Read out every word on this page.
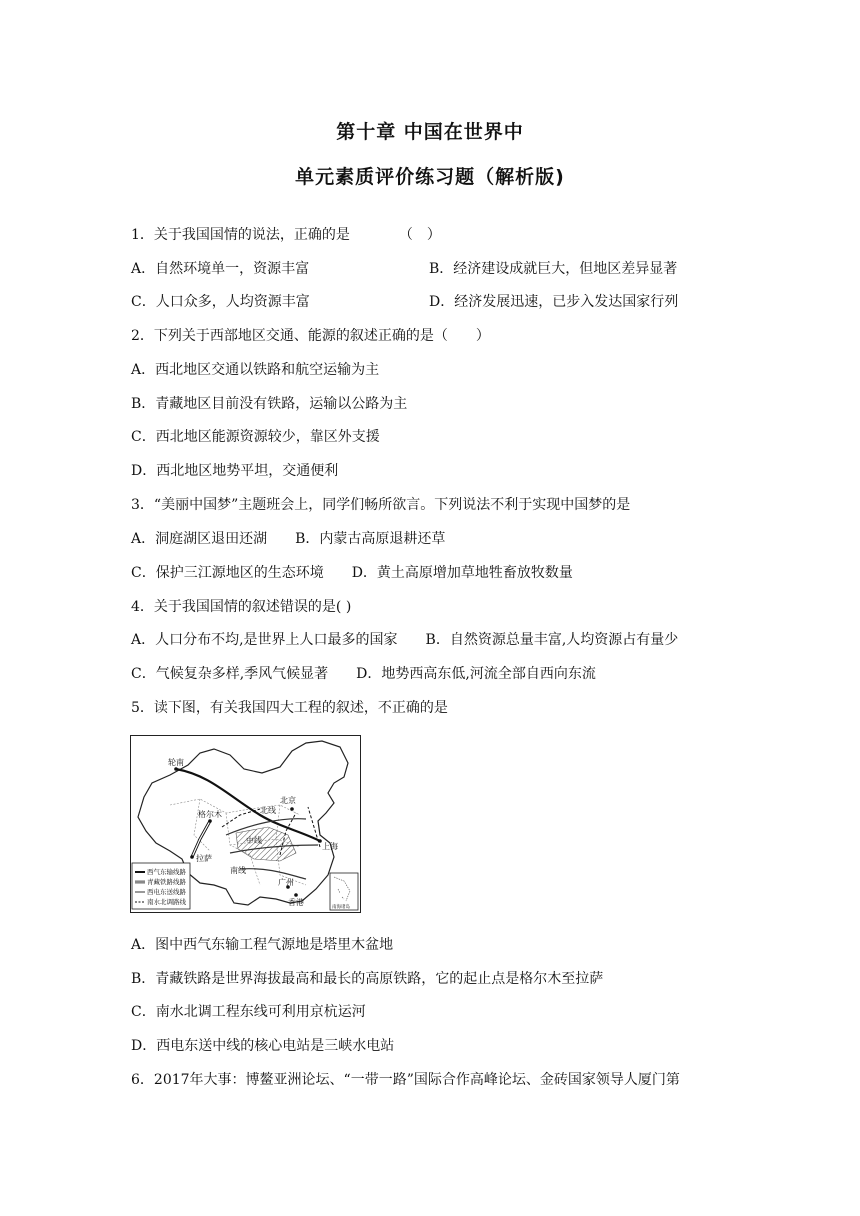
第十章 中国在世界中
单元素质评价练习题（解析版)
1．关于我国国情的说法，正确的是　　　　（　）
A．自然环境单一，资源丰富	B．经济建设成就巨大，但地区差异显著
C．人口众多，人均资源丰富	D．经济发展迅速，已步入发达国家行列
2．下列关于西部地区交通、能源的叙述正确的是（　　）
A．西北地区交通以铁路和航空运输为主
B．青藏地区目前没有铁路，运输以公路为主
C．西北地区能源资源较少，靠区外支援
D．西北地区地势平坦，交通便利
3．“美丽中国梦”主题班会上，同学们畅所欲言。下列说法不利于实现中国梦的是
A．洞庭湖区退田还湖　　B．内蒙古高原退耕还草
C．保护三江源地区的生态环境　　D．黄土高原增加草地牲畜放牧数量
4．关于我国国情的叙述错误的是( )
A．人口分布不均,是世界上人口最多的国家　　B．自然资源总量丰富,人均资源占有量少
C．气候复杂多样,季风气候显著　　D．地势西高东低,河流全部自西向东流
5．读下图，有关我国四大工程的叙述，不正确的是
轮南
格尔木
拉萨
北京
上海
广州
香港
中线
南线
北线
西气东输线路
青藏铁路线路
西电东送线路
南水北调路线
南海诸岛
A．图中西气东输工程气源地是塔里木盆地
B．青藏铁路是世界海拔最高和最长的高原铁路，它的起止点是格尔木至拉萨
C．南水北调工程东线可利用京杭运河
D．西电东送中线的核心电站是三峡水电站
6．2017年大事：博鳌亚洲论坛、“一带一路”国际合作高峰论坛、金砖国家领导人厦门第
